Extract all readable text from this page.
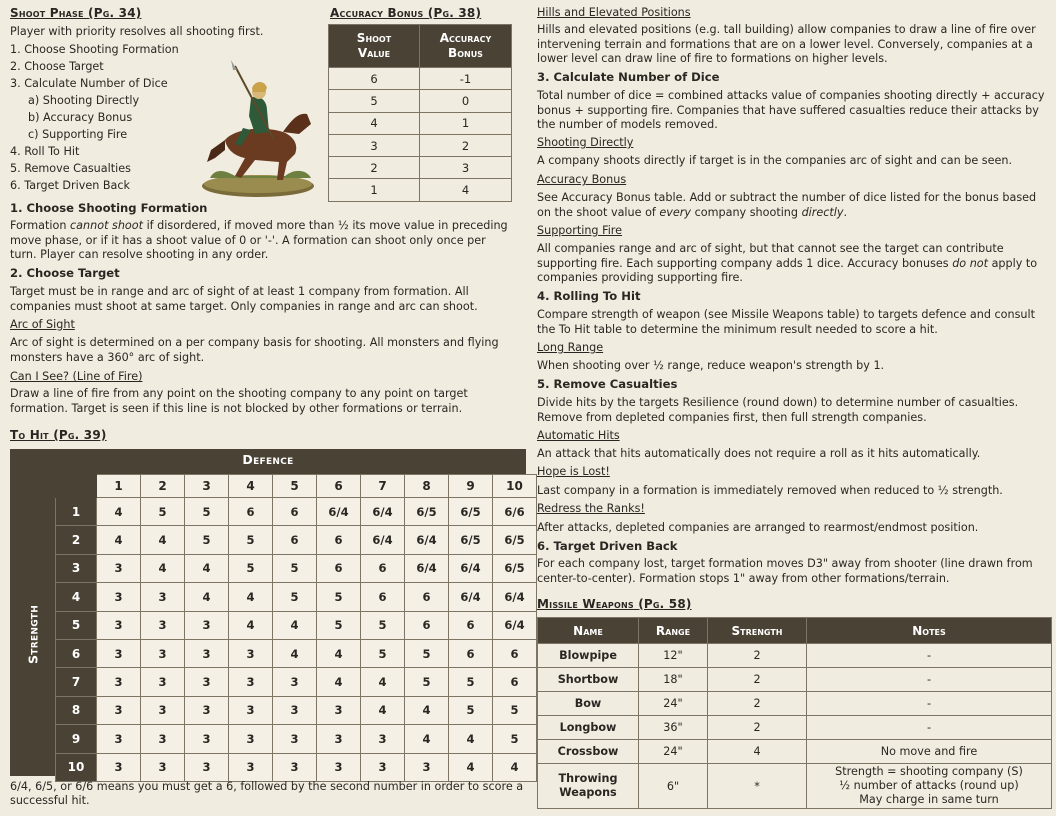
Shoot Phase (Pg. 34)
Player with priority resolves all shooting first.
1. Choose Shooting Formation
2. Choose Target
3. Calculate Number of Dice
a) Shooting Directly
b) Accuracy Bonus
c) Supporting Fire
4. Roll To Hit
5. Remove Casualties
6. Target Driven Back
Accuracy Bonus (Pg. 38)
Shoot Value	Accuracy Bonus
6	-1
5	0
4	1
3	2
2	3
1	4
1. Choose Shooting Formation
Formation cannot shoot if disordered, if moved more than ½ its move value in preceding move phase, or if it has a shoot value of 0 or '-'. A formation can shoot only once per turn. Player can resolve shooting in any order.
2. Choose Target
Target must be in range and arc of sight of at least 1 company from formation. All companies must shoot at same target. Only companies in range and arc can shoot.
Arc of Sight
Arc of sight is determined on a per company basis for shooting. All monsters and flying monsters have a 360° arc of sight.
Can I See? (Line of Fire)
Draw a line of fire from any point on the shooting company to any point on target formation. Target is seen if this line is not blocked by other formations or terrain.
To Hit (Pg. 39)
Defence
Strength
	1	2	3	4	5	6	7	8	9	10
1	4	5	5	6	6	6/4	6/4	6/5	6/5	6/6
2	4	4	5	5	6	6	6/4	6/4	6/5	6/5
3	3	4	4	5	5	6	6	6/4	6/4	6/5
4	3	3	4	4	5	5	6	6	6/4	6/4
5	3	3	3	4	4	5	5	6	6	6/4
6	3	3	3	3	4	4	5	5	6	6
7	3	3	3	3	3	4	4	5	5	6
8	3	3	3	3	3	3	4	4	5	5
9	3	3	3	3	3	3	3	4	4	5
10	3	3	3	3	3	3	3	3	4	4
6/4, 6/5, or 6/6 means you must get a 6, followed by the second number in order to score a successful hit.
Hills and Elevated Positions
Hills and elevated positions (e.g. tall building) allow companies to draw a line of fire over intervening terrain and formations that are on a lower level. Conversely, companies at a lower level can draw line of fire to formations on higher levels.
3. Calculate Number of Dice
Total number of dice = combined attacks value of companies shooting directly + accuracy bonus + supporting fire. Companies that have suffered casualties reduce their attacks by the number of models removed.
Shooting Directly
A company shoots directly if target is in the companies arc of sight and can be seen.
Accuracy Bonus
See Accuracy Bonus table. Add or subtract the number of dice listed for the bonus based on the shoot value of every company shooting directly.
Supporting Fire
All companies range and arc of sight, but that cannot see the target can contribute supporting fire. Each supporting company adds 1 dice. Accuracy bonuses do not apply to companies providing supporting fire.
4. Rolling To Hit
Compare strength of weapon (see Missile Weapons table) to targets defence and consult the To Hit table to determine the minimum result needed to score a hit.
Long Range
When shooting over ½ range, reduce weapon's strength by 1.
5. Remove Casualties
Divide hits by the targets Resilience (round down) to determine number of casualties. Remove from depleted companies first, then full strength companies.
Automatic Hits
An attack that hits automatically does not require a roll as it hits automatically.
Hope is Lost!
Last company in a formation is immediately removed when reduced to ½ strength.
Redress the Ranks!
After attacks, depleted companies are arranged to rearmost/endmost position.
6. Target Driven Back
For each company lost, target formation moves D3" away from shooter (line drawn from center-to-center). Formation stops 1" away from other formations/terrain.
Missile Weapons (Pg. 58)
Name	Range	Strength	Notes
Blowpipe	12"	2	-
Shortbow	18"	2	-
Bow	24"	2	-
Longbow	36"	2	-
Crossbow	24"	4	No move and fire
Throwing Weapons	6"	*	Strength = shooting company (S)
½ number of attacks (round up)
May charge in same turn
